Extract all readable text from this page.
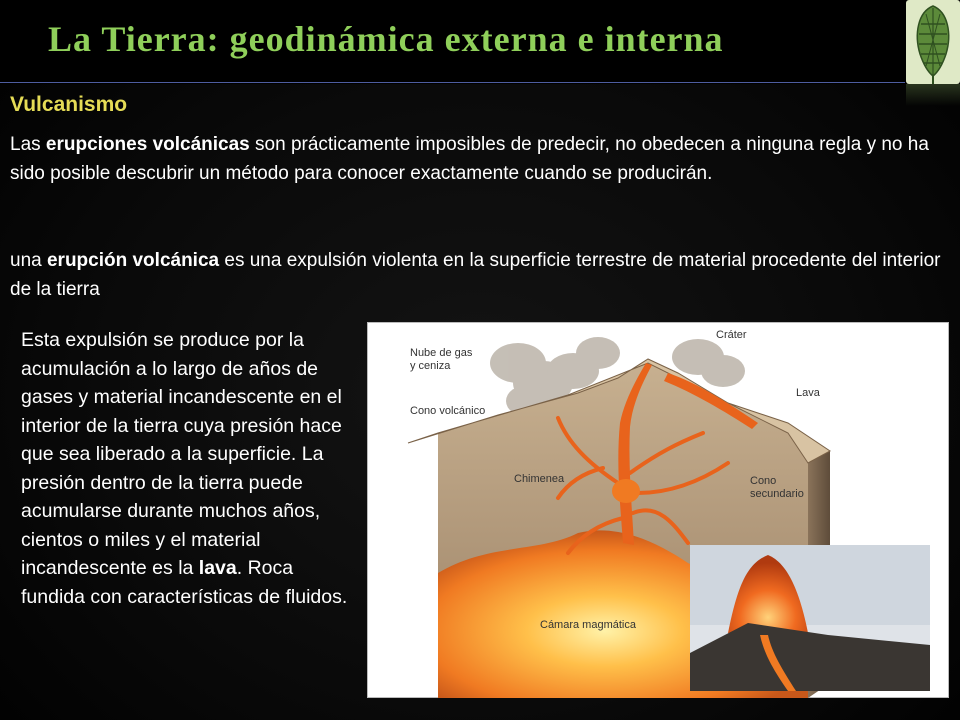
La Tierra: geodinámica externa e interna
Vulcanismo

Las erupciones volcánicas son prácticamente imposibles de predecir, no obedecen a ninguna regla y no ha sido posible descubrir un método para conocer exactamente cuando se producirán.

una erupción volcánica es una expulsión violenta en la superficie terrestre de material procedente del interior de la tierra

Esta expulsión se produce por la acumulación a lo largo de años de gases y material incandescente en el interior de la tierra cuya presión hace que sea liberado a la superficie. La presión dentro de la tierra puede acumularse durante muchos años, cientos o miles y el material incandescente es la lava. Roca fundida con características de fluidos.

Cráter
Nube de gas
y ceniza
Cono volcánico
Lava
Chimenea	Cono
secundario
Cámara magmática
